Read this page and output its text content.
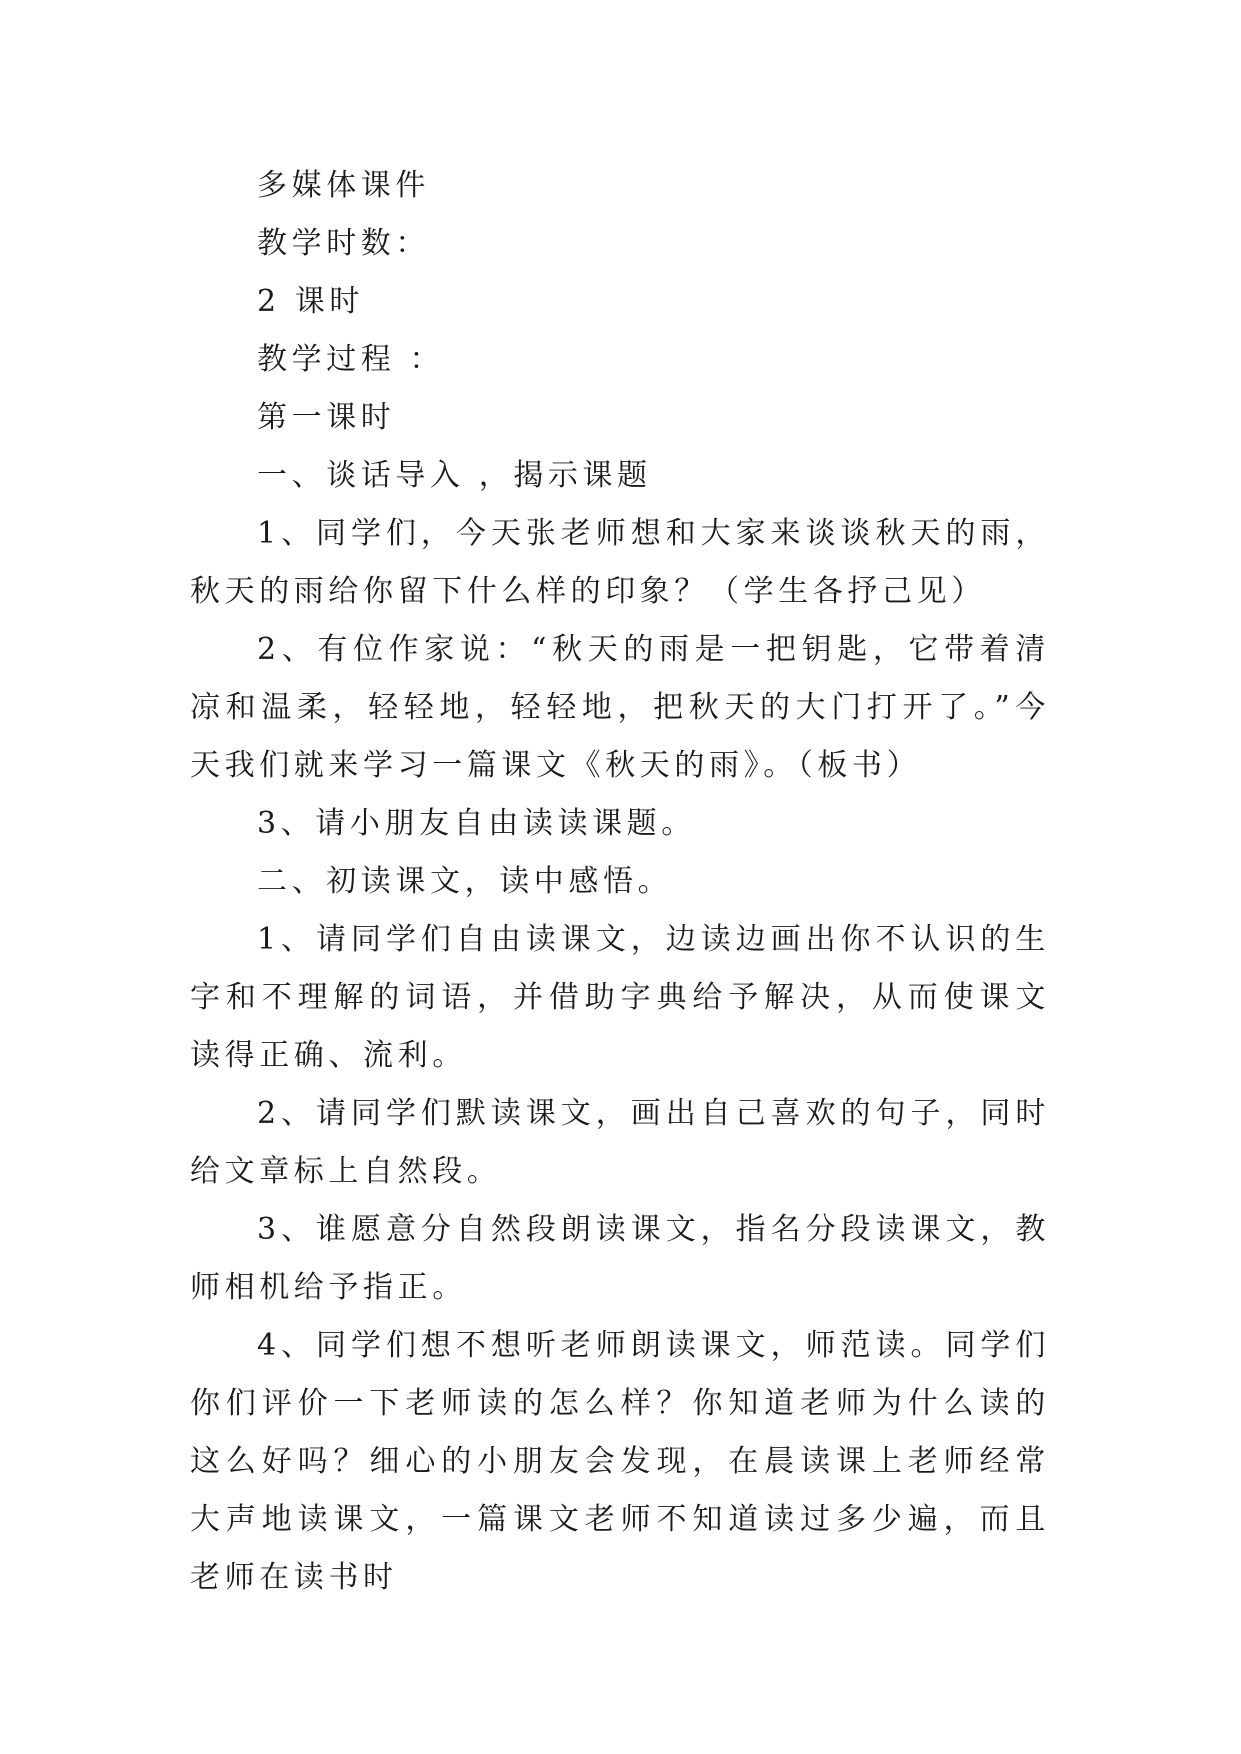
多媒体课件

教学时数：

2 课时

教学过程 ：

第一课时

一、谈话导入 ，揭示课题

1、同学们，今天张老师想和大家来谈谈秋天的雨，秋天的雨给你留下什么样的印象？（学生各抒己见）

2、有位作家说：“秋天的雨是一把钥匙，它带着清凉和温柔，轻轻地，轻轻地，把秋天的大门打开了。”今天我们就来学习一篇课文《秋天的雨》。（板书）

3、请小朋友自由读读课题。

二、初读课文，读中感悟。

1、请同学们自由读课文，边读边画出你不认识的生字和不理解的词语，并借助字典给予解决，从而使课文读得正确、流利。

2、请同学们默读课文，画出自己喜欢的句子，同时给文章标上自然段。

3、谁愿意分自然段朗读课文，指名分段读课文，教师相机给予指正。

4、同学们想不想听老师朗读课文，师范读。同学们你们评价一下老师读的怎么样？你知道老师为什么读的这么好吗？细心的小朋友会发现，在晨读课上老师经常大声地读课文，一篇课文老师不知道读过多少遍，而且老师在读书时
